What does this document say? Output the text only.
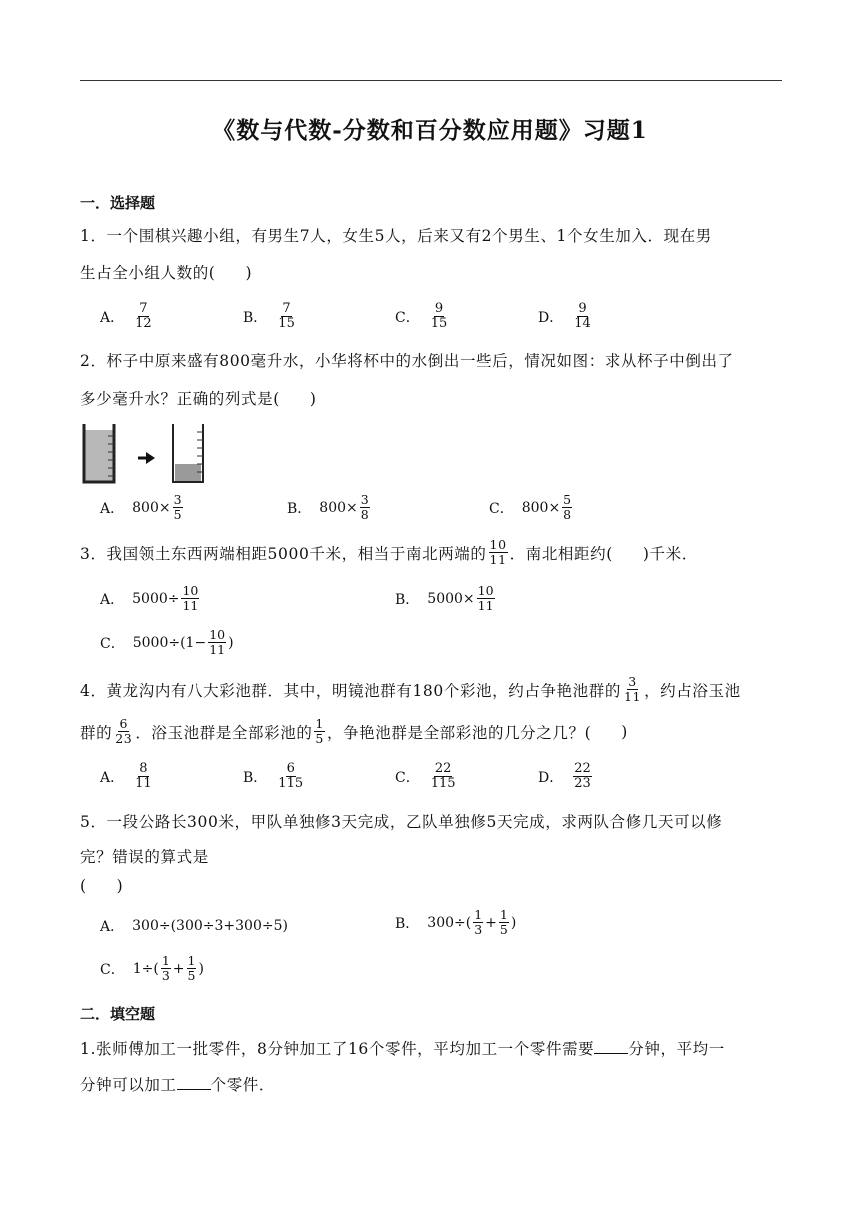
《数与代数-分数和百分数应用题》习题1
一．选择题
1．一个围棋兴趣小组，有男生7人，女生5人，后来又有2个男生、1个女生加入．现在男
生占全小组人数的( )
A． $\frac{7}{12}$	B． $\frac{7}{15}$	C． $\frac{9}{15}$	D． $\frac{9}{14}$
2．杯子中原来盛有800毫升水，小华将杯中的水倒出一些后，情况如图：求从杯子中倒出了
多少毫升水？正确的列式是( )
A． $800\times \frac{3}{5}$	B． $800\times \frac{3}{8}$	C． $800\times \frac{5}{8}$
3．我国领土东西两端相距5000千米，相当于南北两端的 $\frac{10}{11}$ ．南北相距约( )千米．
A． $5000\div \frac{10}{11}$	B． $5000\times \frac{10}{11}$
C． $5000\div(1- \frac{10}{11}$ )
4．黄龙沟内有八大彩池群．其中，明镜池群有180个彩池，约占争艳池群的 $\frac{3}{11}$ ，约占浴玉池
群的 $\frac{6}{23}$ ．浴玉池群是全部彩池的 $\frac{1}{5}$ ，争艳池群是全部彩池的几分之几？( )
A． $\frac{8}{11}$	B． $\frac{6}{115}$	C． $\frac{22}{115}$	D． $\frac{22}{23}$
5．一段公路长300米，甲队单独修3天完成，乙队单独修5天完成，求两队合修几天可以修
完？错误的算式是
( )
A． 300÷(300÷3+300÷5)	B． $300\div( \frac{1}{3} + \frac{1}{5}$ )
C． $1\div( \frac{1}{3} + \frac{1}{5}$ )
二．填空题
1.张师傅加工一批零件，8分钟加工了16个零件，平均加工一个零件需要 分钟，平均一
分钟可以加工 个零件．
